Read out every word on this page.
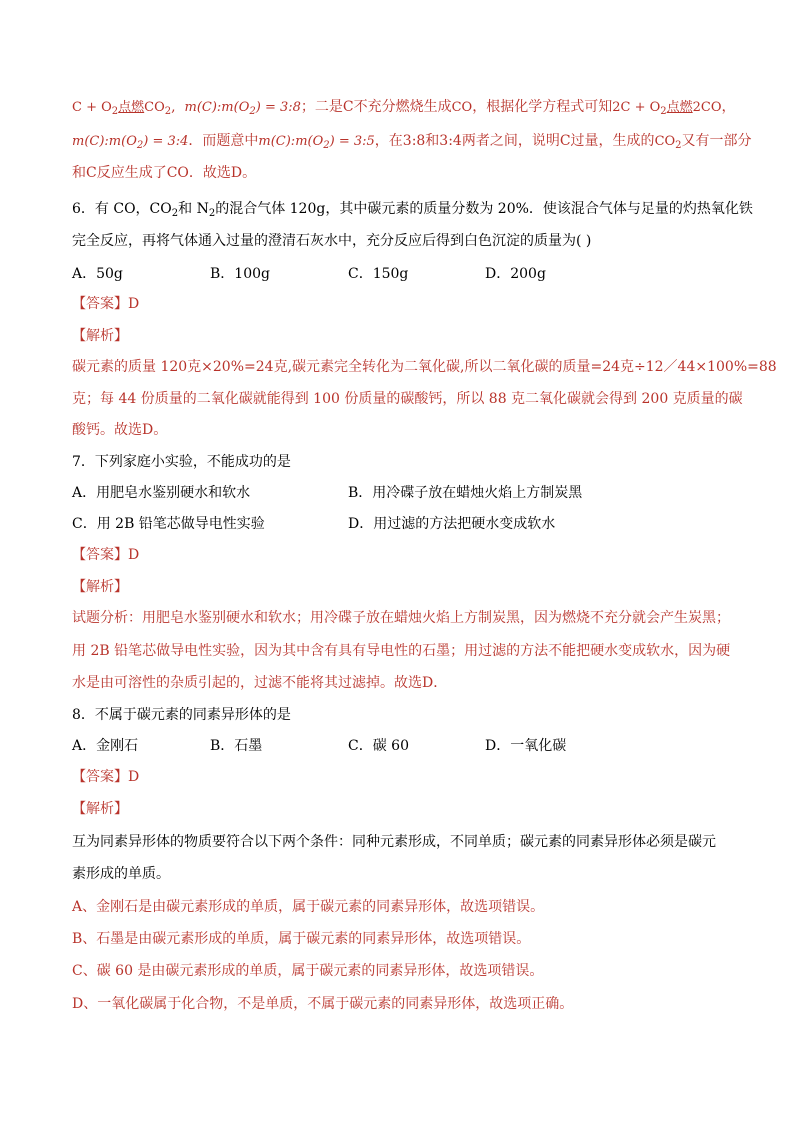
$C + O_2$点燃$CO_2$,  $m(C):m(O_2)$ = 3:8；二是C不充分燃烧生成CO，根据化学方程式可知$2C + O_2$点燃2CO，
$m(C):m(O_2)$ = 3:4．而题意中$m(C):m(O_2)$ = 3:5，在3:8和3:4两者之间，说明C过量，生成的$CO_2$又有一部分
和C反应生成了CO．故选D。
6．有 CO，$CO_2$和 $N_2$的混合气体 120g，其中碳元素的质量分数为 20%．使该混合气体与足量的灼热氧化铁
完全反应，再将气体通入过量的澄清石灰水中，充分反应后得到白色沉淀的质量为( )
A．50g	B．100g	C．150g	D．200g
【答案】D
【解析】
碳元素的质量 120克×20%=24克,碳元素完全转化为二氧化碳,所以二氧化碳的质量=24克÷12／44×100%=88
克；每 44 份质量的二氧化碳就能得到 100 份质量的碳酸钙，所以 88 克二氧化碳就会得到 200 克质量的碳
酸钙。故选D。
7．下列家庭小实验，不能成功的是
A．用肥皂水鉴别硬水和软水	B．用冷碟子放在蜡烛火焰上方制炭黑
C．用 2B 铅笔芯做导电性实验	D．用过滤的方法把硬水变成软水
【答案】D
【解析】
试题分析：用肥皂水鉴别硬水和软水；用冷碟子放在蜡烛火焰上方制炭黑，因为燃烧不充分就会产生炭黑；
用 2B 铅笔芯做导电性实验，因为其中含有具有导电性的石墨；用过滤的方法不能把硬水变成软水，因为硬
水是由可溶性的杂质引起的，过滤不能将其过滤掉。故选D．
8．不属于碳元素的同素异形体的是
A．金刚石	B．石墨	C．碳 60	D．一氧化碳
【答案】D
【解析】
互为同素异形体的物质要符合以下两个条件：同种元素形成，不同单质；碳元素的同素异形体必须是碳元
素形成的单质。
A、金刚石是由碳元素形成的单质，属于碳元素的同素异形体，故选项错误。
B、石墨是由碳元素形成的单质，属于碳元素的同素异形体，故选项错误。
C、碳 60 是由碳元素形成的单质，属于碳元素的同素异形体，故选项错误。
D、一氧化碳属于化合物，不是单质，不属于碳元素的同素异形体，故选项正确。
